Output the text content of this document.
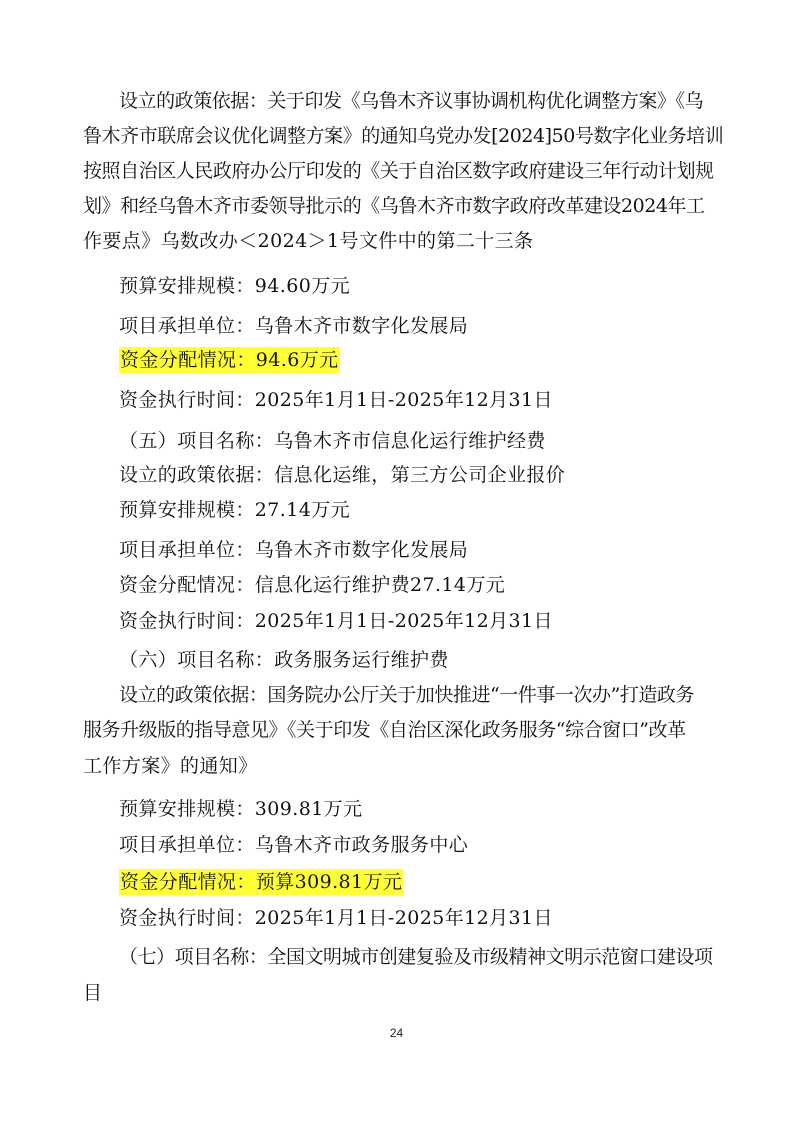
设立的政策依据：关于印发《乌鲁木齐议事协调机构优化调整方案》《乌
鲁木齐市联席会议优化调整方案》的通知乌党办发[2024]50号数字化业务培训
按照自治区人民政府办公厅印发的《关于自治区数字政府建设三年行动计划规
划》和经乌鲁木齐市委领导批示的《乌鲁木齐市数字政府改革建设2024年工
作要点》乌数改办＜2024＞1号文件中的第二十三条
预算安排规模：94.60万元
项目承担单位：乌鲁木齐市数字化发展局
资金分配情况：94.6万元
资金执行时间：2025年1月1日-2025年12月31日
（五）项目名称：乌鲁木齐市信息化运行维护经费
设立的政策依据：信息化运维，第三方公司企业报价
预算安排规模：27.14万元
项目承担单位：乌鲁木齐市数字化发展局
资金分配情况：信息化运行维护费27.14万元
资金执行时间：2025年1月1日-2025年12月31日
（六）项目名称：政务服务运行维护费
设立的政策依据：国务院办公厅关于加快推进“一件事一次办”打造政务
服务升级版的指导意见》《关于印发《自治区深化政务服务“综合窗口”改革
工作方案》的通知》
预算安排规模：309.81万元
项目承担单位：乌鲁木齐市政务服务中心
资金分配情况：预算309.81万元
资金执行时间：2025年1月1日-2025年12月31日
（七）项目名称：全国文明城市创建复验及市级精神文明示范窗口建设项
目
24
